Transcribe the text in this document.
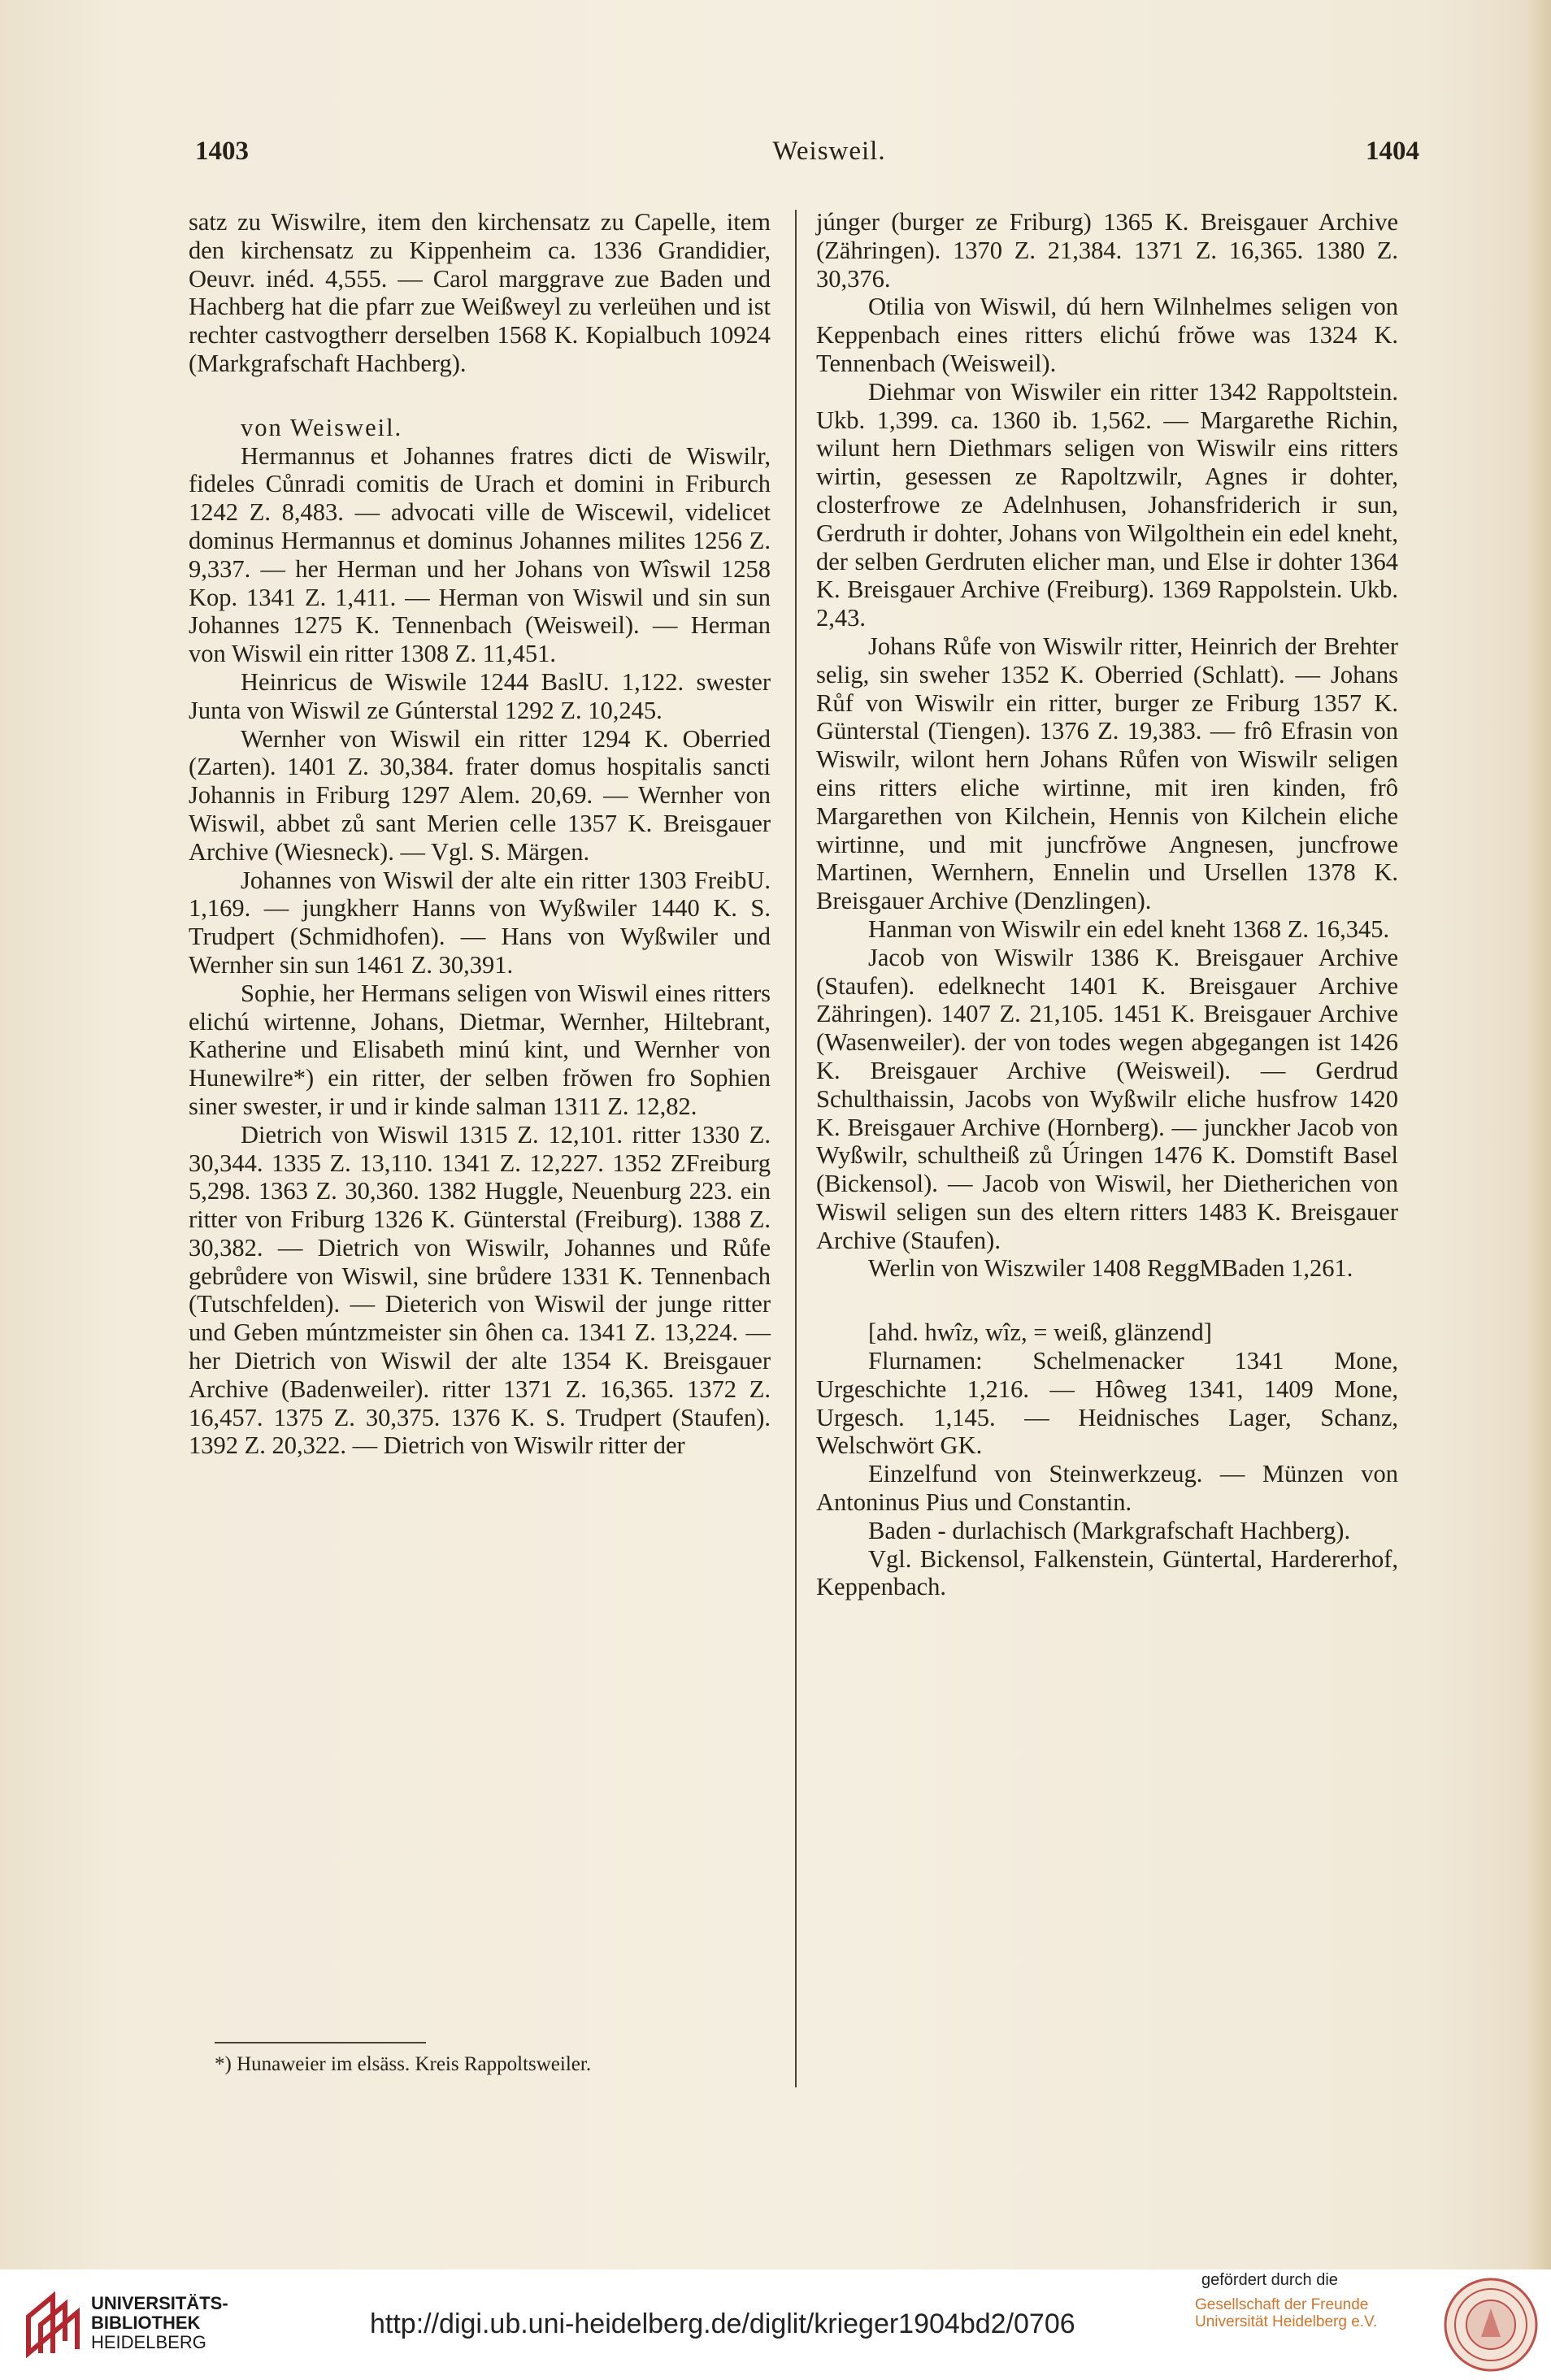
1403	Weisweil.	1404

satz zu Wiswilre, item den kirchensatz zu Capelle, item den kirchensatz zu Kippenheim ca. 1336 Grandidier, Oeuvr. inéd. 4,555. — Carol marggrave zue Baden und Hachberg hat die pfarr zue Weißweyl zu verleühen und ist rechter castvogtherr derselben 1568 K. Kopialbuch 10924 (Markgrafschaft Hachberg).

von Weisweil.

Hermannus et Johannes fratres dicti de Wiswilr, fideles Cůnradi comitis de Urach et domini in Friburch 1242 Z. 8,483. — advocati ville de Wiscewil, videlicet dominus Hermannus et dominus Johannes milites 1256 Z. 9,337. — her Herman und her Johans von Wîswil 1258 Kop. 1341 Z. 1,411. — Herman von Wiswil und sin sun Johannes 1275 K. Tennenbach (Weisweil). — Herman von Wiswil ein ritter 1308 Z. 11,451.

Heinricus de Wiswile 1244 BaslU. 1,122. swester Junta von Wiswil ze Gúnterstal 1292 Z. 10,245.

Wernher von Wiswil ein ritter 1294 K. Oberried (Zarten). 1401 Z. 30,384. frater domus hospitalis sancti Johannis in Friburg 1297 Alem. 20,69. — Wernher von Wiswil, abbet zů sant Merien celle 1357 K. Breisgauer Archive (Wiesneck). — Vgl. S. Märgen.

Johannes von Wiswil der alte ein ritter 1303 FreibU. 1,169. — jungkherr Hanns von Wyßwiler 1440 K. S. Trudpert (Schmidhofen). — Hans von Wyßwiler und Wernher sin sun 1461 Z. 30,391.

Sophie, her Hermans seligen von Wiswil eines ritters elichú wirtenne, Johans, Dietmar, Wernher, Hiltebrant, Katherine und Elisabeth minú kint, und Wernher von Hunewilre*) ein ritter, der selben frŏwen fro Sophien siner swester, ir und ir kinde salman 1311 Z. 12,82.

Dietrich von Wiswil 1315 Z. 12,101. ritter 1330 Z. 30,344. 1335 Z. 13,110. 1341 Z. 12,227. 1352 ZFreiburg 5,298. 1363 Z. 30,360. 1382 Huggle, Neuenburg 223. ein ritter von Friburg 1326 K. Günterstal (Freiburg). 1388 Z. 30,382. — Dietrich von Wiswilr, Johannes und Růfe gebrůdere von Wiswil, sine brůdere 1331 K. Tennenbach (Tutschfelden). — Dieterich von Wiswil der junge ritter und Geben múntzmeister sin ôhen ca. 1341 Z. 13,224. — her Dietrich von Wiswil der alte 1354 K. Breisgauer Archive (Badenweiler). ritter 1371 Z. 16,365. 1372 Z. 16,457. 1375 Z. 30,375. 1376 K. S. Trudpert (Staufen). 1392 Z. 20,322. — Dietrich von Wiswilr ritter der

júnger (burger ze Friburg) 1365 K. Breisgauer Archive (Zähringen). 1370 Z. 21,384. 1371 Z. 16,365. 1380 Z. 30,376.

Otilia von Wiswil, dú hern Wilnhelmes seligen von Keppenbach eines ritters elichú frŏwe was 1324 K. Tennenbach (Weisweil).

Diehmar von Wiswiler ein ritter 1342 Rappoltstein. Ukb. 1,399. ca. 1360 ib. 1,562. — Margarethe Richin, wilunt hern Diethmars seligen von Wiswilr eins ritters wirtin, gesessen ze Rapoltzwilr, Agnes ir dohter, closterfrowe ze Adelnhusen, Johansfriderich ir sun, Gerdruth ir dohter, Johans von Wilgolthein ein edel kneht, der selben Gerdruten elicher man, und Else ir dohter 1364 K. Breisgauer Archive (Freiburg). 1369 Rappolstein. Ukb. 2,43.

Johans Růfe von Wiswilr ritter, Heinrich der Brehter selig, sin sweher 1352 K. Oberried (Schlatt). — Johans Růf von Wiswilr ein ritter, burger ze Friburg 1357 K. Günterstal (Tiengen). 1376 Z. 19,383. — frô Efrasin von Wiswilr, wilont hern Johans Růfen von Wiswilr seligen eins ritters eliche wirtinne, mit iren kinden, frô Margarethen von Kilchein, Hennis von Kilchein eliche wirtinne, und mit juncfrŏwe Angnesen, juncfrowe Martinen, Wernhern, Ennelin und Ursellen 1378 K. Breisgauer Archive (Denzlingen).

Hanman von Wiswilr ein edel kneht 1368 Z. 16,345.

Jacob von Wiswilr 1386 K. Breisgauer Archive (Staufen). edelknecht 1401 K. Breisgauer Archive Zähringen). 1407 Z. 21,105. 1451 K. Breisgauer Archive (Wasenweiler). der von todes wegen abgegangen ist 1426 K. Breisgauer Archive (Weisweil). — Gerdrud Schulthaissin, Jacobs von Wyßwilr eliche husfrow 1420 K. Breisgauer Archive (Hornberg). — junckher Jacob von Wyßwilr, schultheiß zů Úringen 1476 K. Domstift Basel (Bickensol). — Jacob von Wiswil, her Dietherichen von Wiswil seligen sun des eltern ritters 1483 K. Breisgauer Archive (Staufen).

Werlin von Wiszwiler 1408 ReggMBaden 1,261.

[ahd. hwîz, wîz, = weiß, glänzend]

Flurnamen: Schelmenacker 1341 Mone, Urgeschichte 1,216. — Hôweg 1341, 1409 Mone, Urgesch. 1,145. — Heidnisches Lager, Schanz, Welschwört GK.

Einzelfund von Steinwerkzeug. — Münzen von Antoninus Pius und Constantin.

Baden - durlachisch (Markgrafschaft Hachberg).

Vgl. Bickensol, Falkenstein, Güntertal, Hardererhof, Keppenbach.

*) Hunaweier im elsäss. Kreis Rappoltsweiler.
UNIVERSITÄTS-
BIBLIOTHEK
HEIDELBERG
http://digi.ub.uni-heidelberg.de/diglit/krieger1904bd2/0706
gefördert durch die
Gesellschaft der Freunde
Universität Heidelberg e.V.
